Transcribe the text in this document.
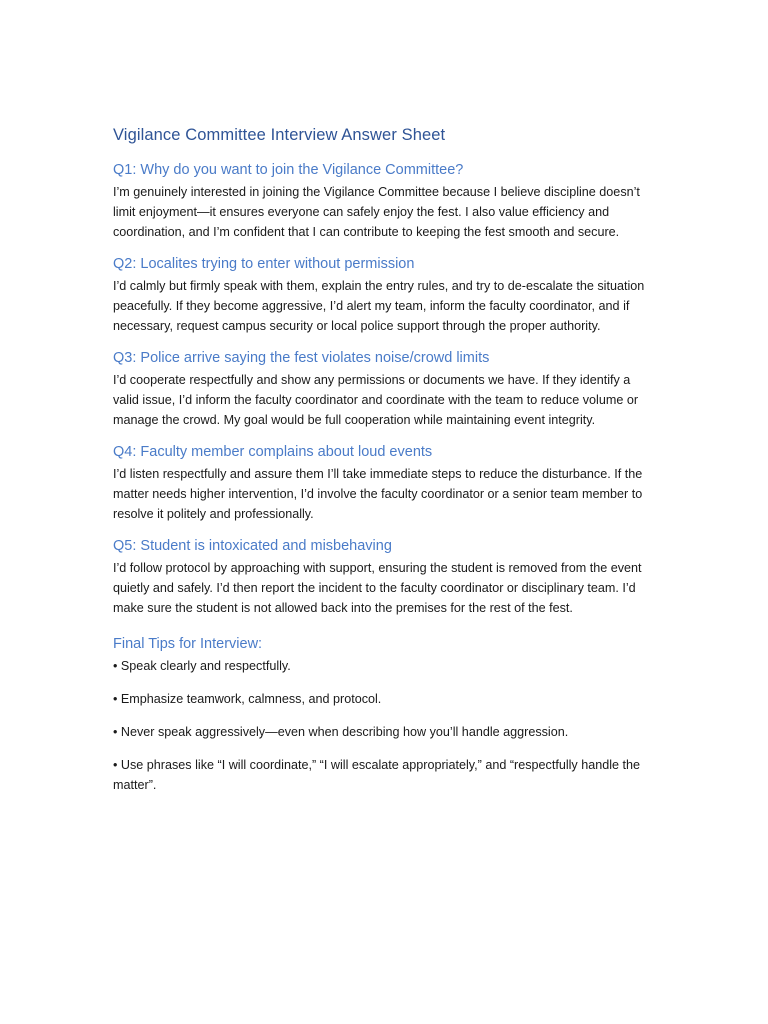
Vigilance Committee Interview Answer Sheet
Q1: Why do you want to join the Vigilance Committee?

I’m genuinely interested in joining the Vigilance Committee because I believe discipline doesn’t limit enjoyment—it ensures everyone can safely enjoy the fest. I also value efficiency and coordination, and I’m confident that I can contribute to keeping the fest smooth and secure.

Q2: Localites trying to enter without permission

I’d calmly but firmly speak with them, explain the entry rules, and try to de-escalate the situation peacefully. If they become aggressive, I’d alert my team, inform the faculty coordinator, and if necessary, request campus security or local police support through the proper authority.

Q3: Police arrive saying the fest violates noise/crowd limits

I’d cooperate respectfully and show any permissions or documents we have. If they identify a valid issue, I’d inform the faculty coordinator and coordinate with the team to reduce volume or manage the crowd. My goal would be full cooperation while maintaining event integrity.

Q4: Faculty member complains about loud events

I’d listen respectfully and assure them I’ll take immediate steps to reduce the disturbance. If the matter needs higher intervention, I’d involve the faculty coordinator or a senior team member to resolve it politely and professionally.

Q5: Student is intoxicated and misbehaving

I’d follow protocol by approaching with support, ensuring the student is removed from the event quietly and safely. I’d then report the incident to the faculty coordinator or disciplinary team. I’d make sure the student is not allowed back into the premises for the rest of the fest.

Final Tips for Interview:

• Speak clearly and respectfully.

• Emphasize teamwork, calmness, and protocol.

• Never speak aggressively—even when describing how you’ll handle aggression.

• Use phrases like “I will coordinate,” “I will escalate appropriately,” and “respectfully handle the matter”.
